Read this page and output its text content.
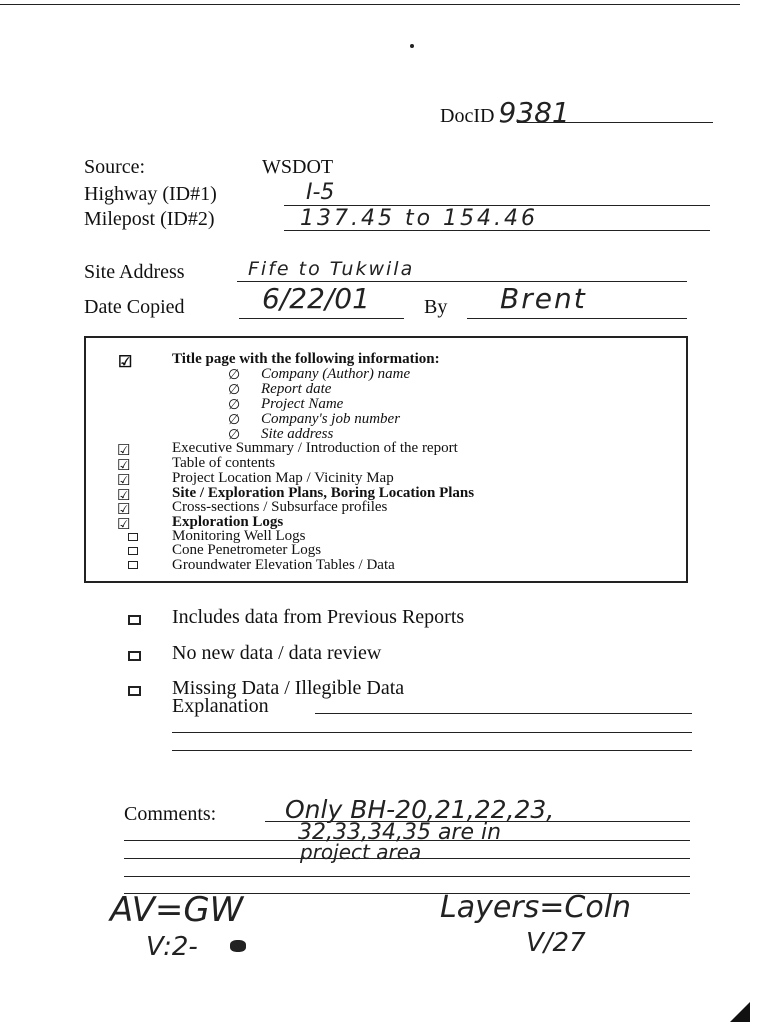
DocID 9381
Source:	WSDOT
Highway (ID#1)	I-5
Milepost (ID#2)	137.45 to 154.46
Site Address	Fife to Tukwila
Date Copied	6/22/01	By Brent
☑	Title page with the following information:
∅ Company (Author) name
∅ Report date
∅ Project Name
∅ Company's job number
∅ Site address
☑	Executive Summary / Introduction of the report
☑	Table of contents
☑	Project Location Map / Vicinity Map
☑	Site / Exploration Plans, Boring Location Plans
☑	Cross-sections / Subsurface profiles
☑	Exploration Logs
Monitoring Well Logs
Cone Penetrometer Logs
Groundwater Elevation Tables / Data
Includes data from Previous Reports
No new data / data review
Missing Data / Illegible Data
Explanation
Comments:	Only BH-20,21,22,23,
32,33,34,35 are in
project area
AV=GW
V:2-
Layers=Coln
V/27
